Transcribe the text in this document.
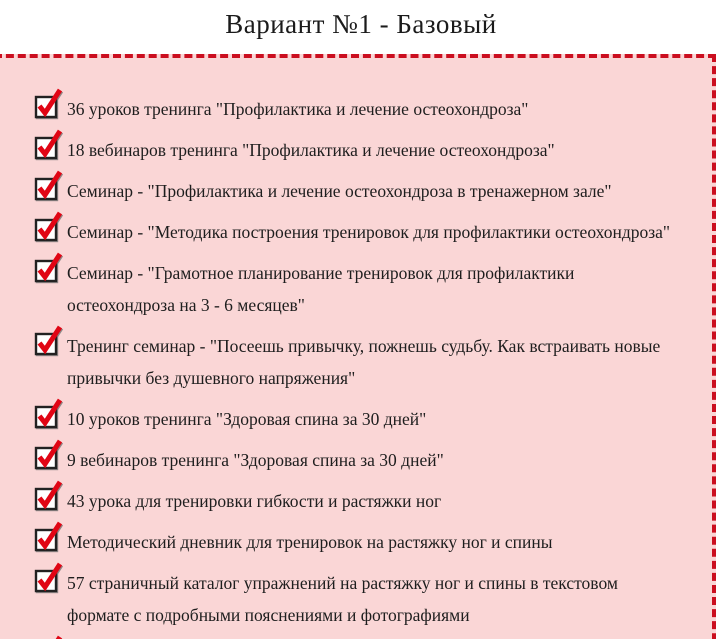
Вариант №1 - Базовый
36 уроков тренинга "Профилактика и лечение остеохондроза"
18 вебинаров тренинга "Профилактика и лечение остеохондроза"
Семинар - "Профилактика и лечение остеохондроза в тренажерном зале"
Семинар - "Методика построения тренировок для профилактики остеохондроза"
Семинар - "Грамотное планирование тренировок для профилактики остеохондроза на 3 - 6 месяцев"
Тренинг семинар - "Посеешь привычку, пожнешь судьбу. Как встраивать новые привычки без душевного напряжения"
10 уроков тренинга "Здоровая спина за 30 дней"
9 вебинаров тренинга "Здоровая спина за 30 дней"
43 урока для тренировки гибкости и растяжки ног
Методический дневник для тренировок на растяжку ног и спины
57 страничный каталог упражнений на растяжку ног и спины в текстовом формате с подробными пояснениями и фотографиями
